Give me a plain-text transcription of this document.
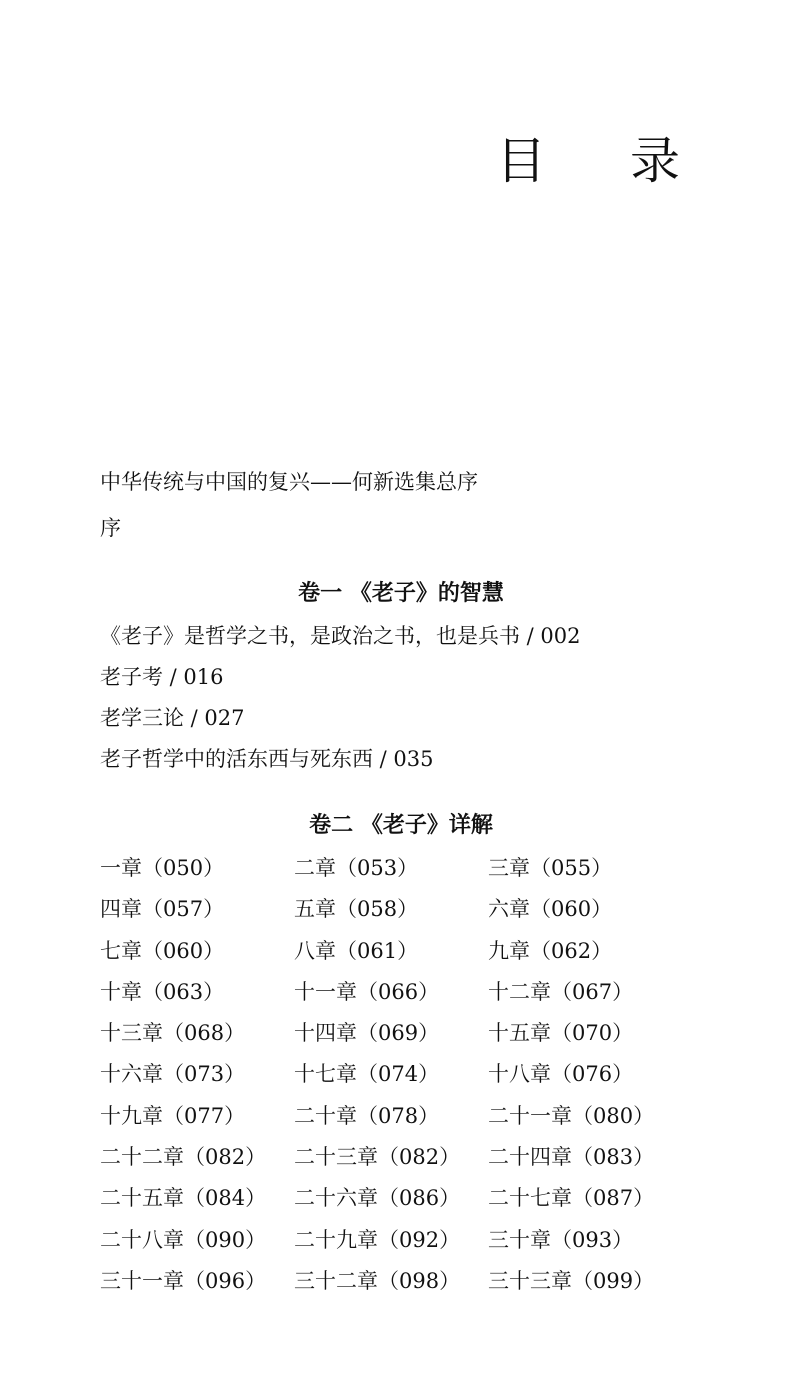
目 录
中华传统与中国的复兴——何新选集总序
序
卷一 《老子》的智慧
《老子》是哲学之书，是政治之书，也是兵书 / 002
老子考 / 016
老学三论 / 027
老子哲学中的活东西与死东西 / 035
卷二 《老子》详解
一章（050）	二章（053）	三章（055）
四章（057）	五章（058）	六章（060）
七章（060）	八章（061）	九章（062）
十章（063）	十一章（066）	十二章（067）
十三章（068）	十四章（069）	十五章（070）
十六章（073）	十七章（074）	十八章（076）
十九章（077）	二十章（078）	二十一章（080）
二十二章（082）	二十三章（082）	二十四章（083）
二十五章（084）	二十六章（086）	二十七章（087）
二十八章（090）	二十九章（092）	三十章（093）
三十一章（096）	三十二章（098）	三十三章（099）
